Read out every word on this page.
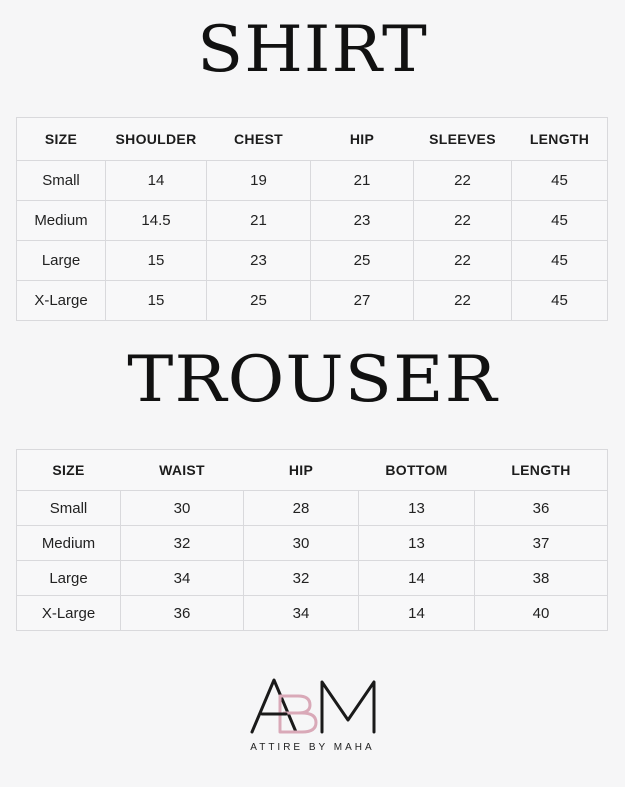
SHIRT
SIZE	SHOULDER	CHEST	HIP	SLEEVES	LENGTH
Small	14	19	21	22	45
Medium	14.5	21	23	22	45
Large	15	23	25	22	45
X-Large	15	25	27	22	45
TROUSER
SIZE	WAIST	HIP	BOTTOM	LENGTH
Small	30	28	13	36
Medium	32	30	13	37
Large	34	32	14	38
X-Large	36	34	14	40
ATTIRE BY MAHA
